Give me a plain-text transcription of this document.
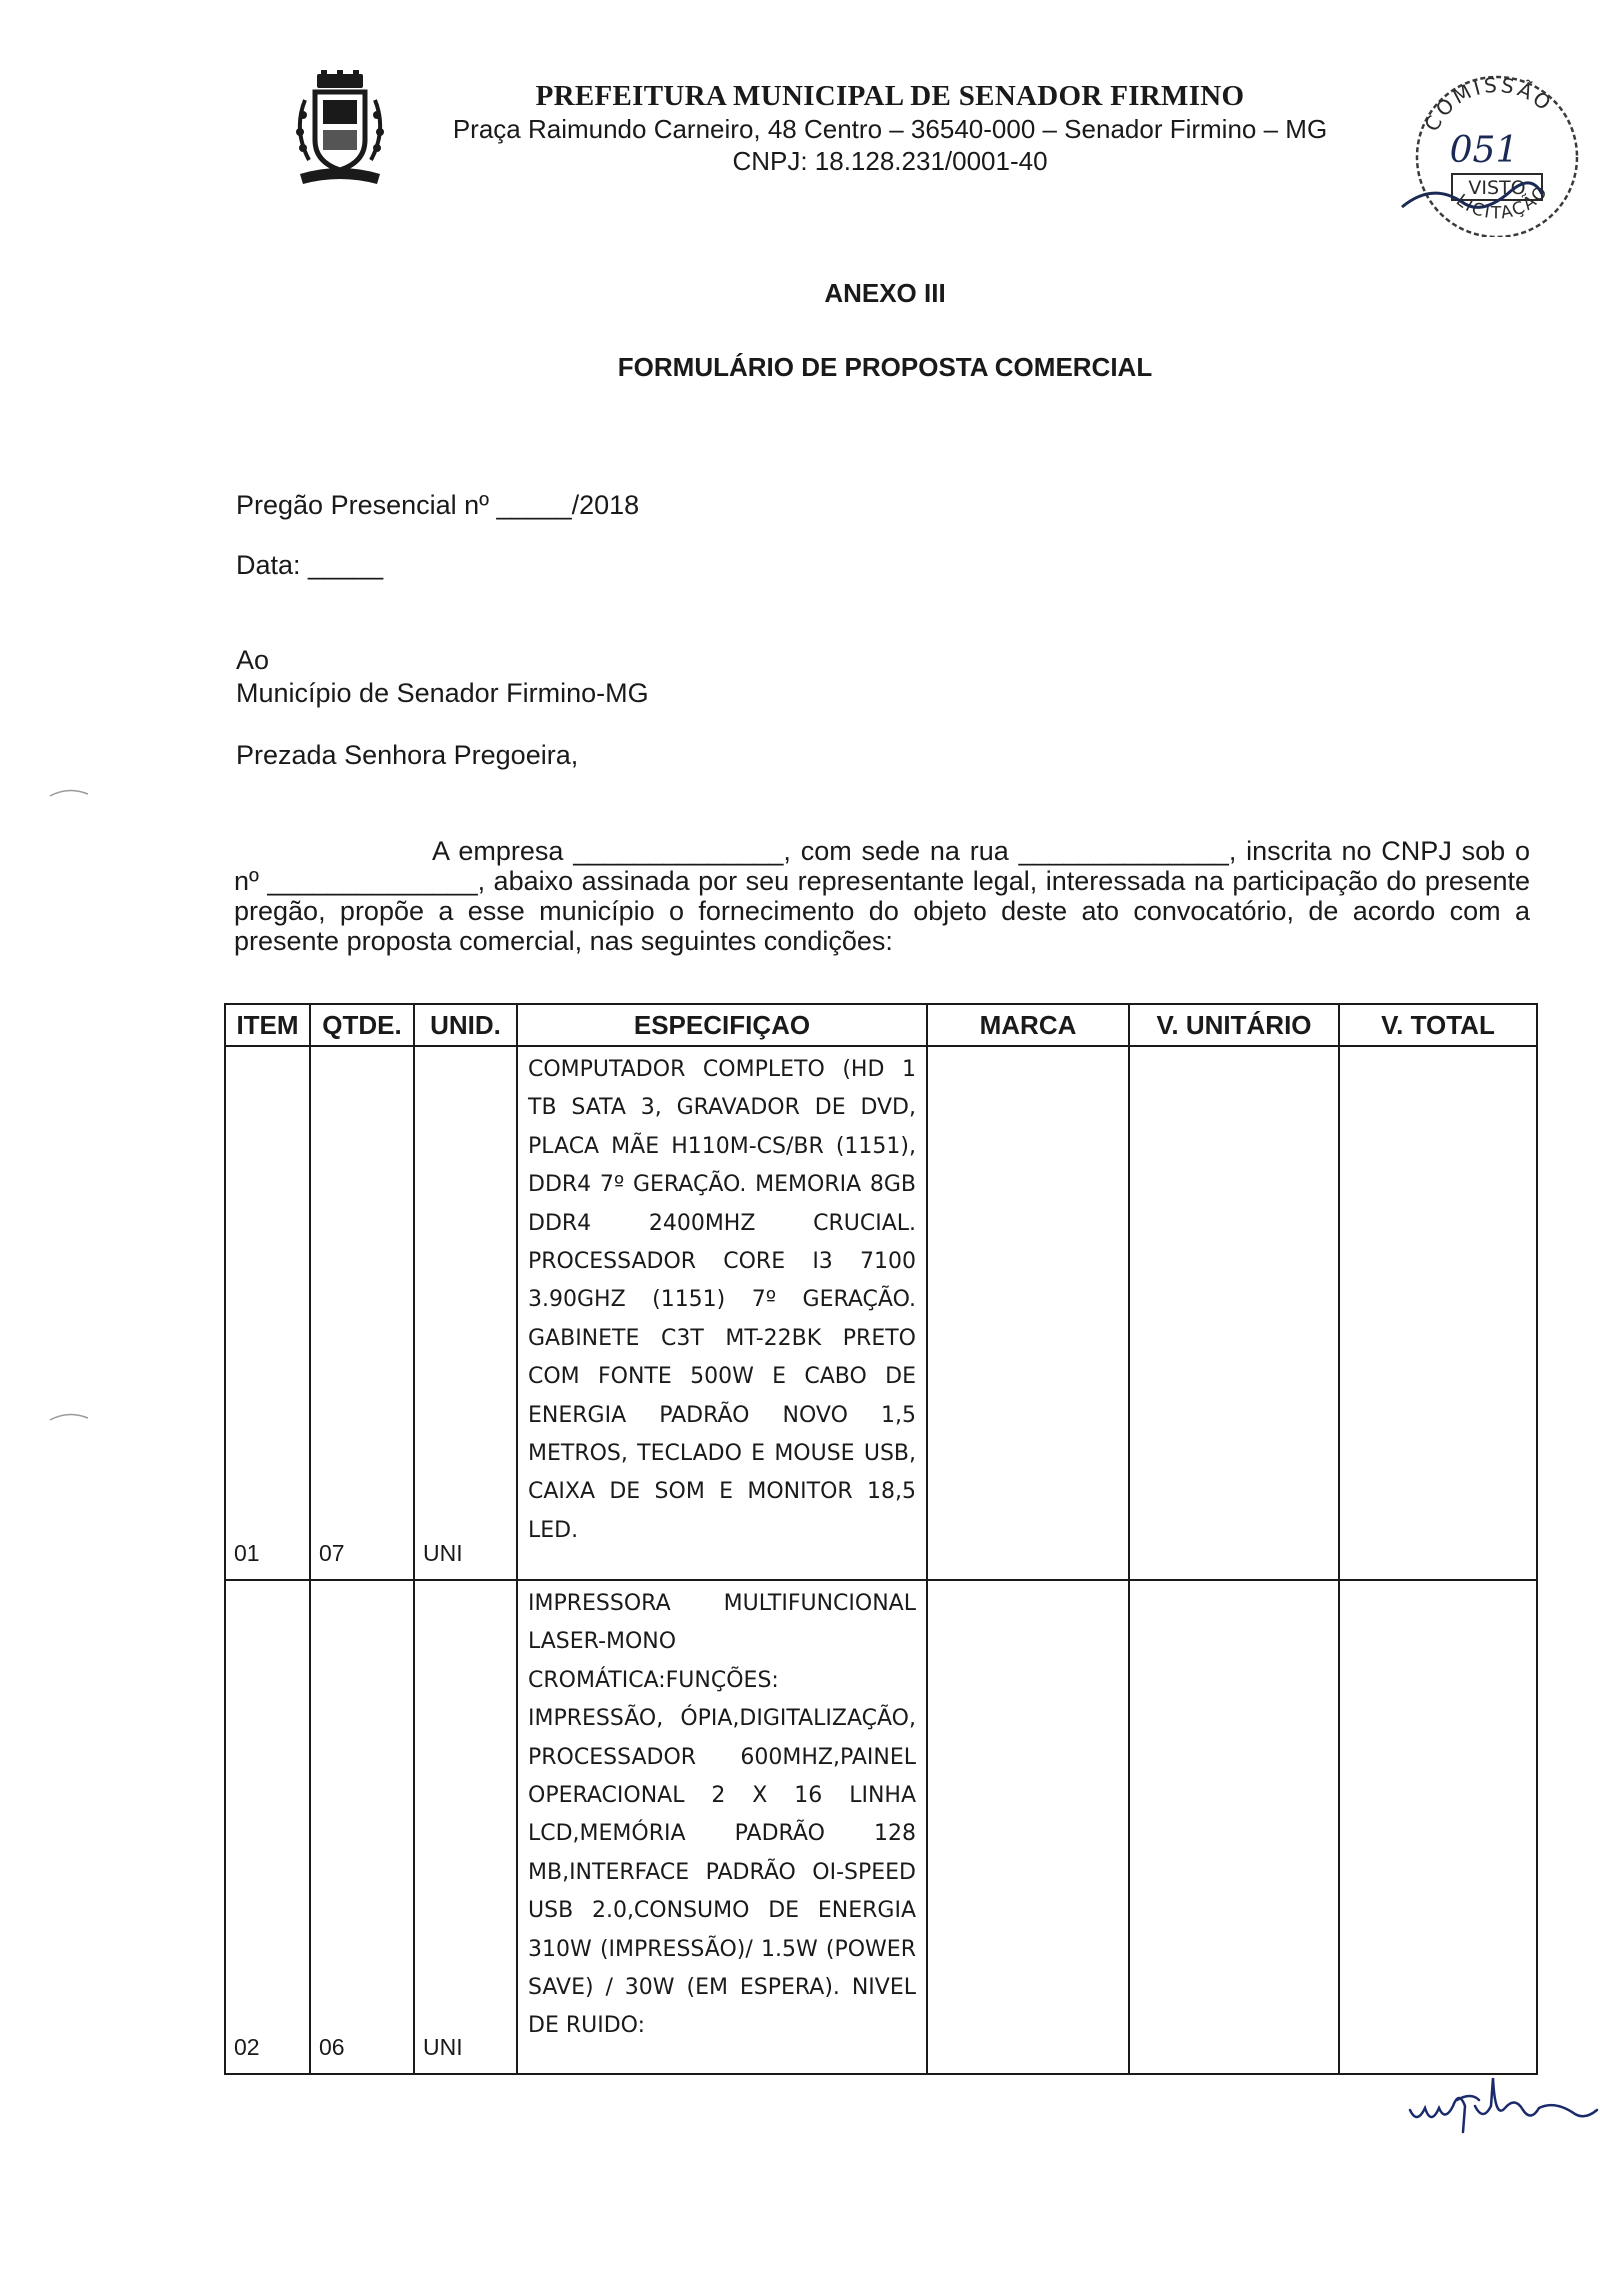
PREFEITURA MUNICIPAL DE SENADOR FIRMINO
Praça Raimundo Carneiro, 48 Centro – 36540-000 – Senador Firmino – MG
CNPJ: 18.128.231/0001-40
COMISSÃO
051
VISTO
LICITAÇÃO
ANEXO III
FORMULÁRIO DE PROPOSTA COMERCIAL
Pregão Presencial nº _____/2018
Data: _____
Ao
Município de Senador Firmino-MG
Prezada Senhora Pregoeira,
A empresa ______________, com sede na rua ______________, inscrita no CNPJ sob o nº ______________, abaixo assinada por seu representante legal, interessada na participação do presente pregão, propõe a esse município o fornecimento do objeto deste ato convocatório, de acordo com a presente proposta comercial, nas seguintes condições:
ITEM	QTDE.	UNID.	ESPECIFIÇAO	MARCA	V. UNITÁRIO	V. TOTAL
01	07	UNI	COMPUTADOR COMPLETO (HD 1 TB SATA 3, GRAVADOR DE DVD, PLACA MÃE H110M-CS/BR (1151), DDR4 7º GERAÇÃO. MEMORIA 8GB DDR4 2400MHZ CRUCIAL. PROCESSADOR CORE I3 7100 3.90GHZ (1151) 7º GERAÇÃO. GABINETE C3T MT-22BK PRETO COM FONTE 500W E CABO DE ENERGIA PADRÃO NOVO 1,5 METROS, TECLADO E MOUSE USB, CAIXA DE SOM E MONITOR 18,5 LED.			
02	06	UNI	IMPRESSORA MULTIFUNCIONAL LASER-MONO CROMÁTICA:FUNÇÕES: IMPRESSÃO, ÓPIA,DIGITALIZAÇÃO, PROCESSADOR 600MHZ,PAINEL OPERACIONAL 2 X 16 LINHA LCD,MEMÓRIA PADRÃO 128 MB,INTERFACE PADRÃO OI-SPEED USB 2.0,CONSUMO DE ENERGIA 310W (IMPRESSÃO)/ 1.5W (POWER SAVE) / 30W (EM ESPERA). NIVEL DE RUIDO:			
